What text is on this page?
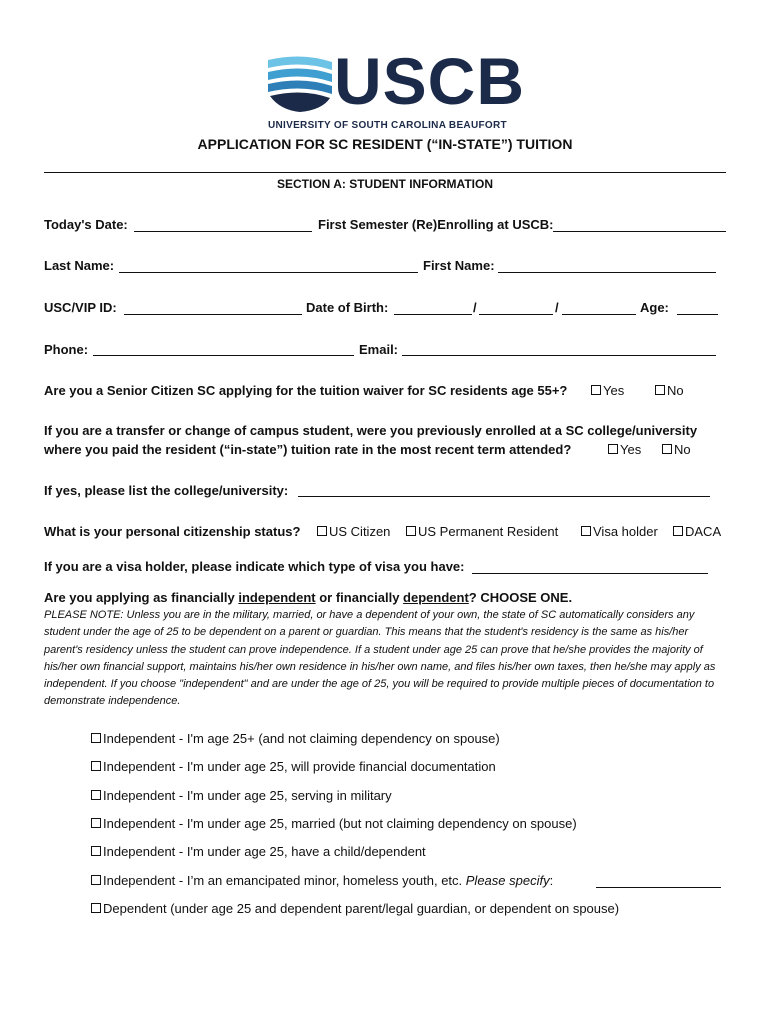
USCB
UNIVERSITY OF SOUTH CAROLINA BEAUFORT
APPLICATION FOR SC RESIDENT (“IN-STATE”) TUITION
SECTION A: STUDENT INFORMATION
Today's Date:	First Semester (Re)Enrolling at USCB:
Last Name:	First Name:
USC/VIP ID:	Date of Birth:	/	/	Age:
Phone:	Email:
Are you a Senior Citizen SC applying for the tuition waiver for SC residents age 55+?	Yes	No
If you are a transfer or change of campus student, were you previously enrolled at a SC college/university
where you paid the resident (“in-state”) tuition rate in the most recent term attended?	Yes	No
If yes, please list the college/university:
What is your personal citizenship status?	US Citizen	US Permanent Resident	Visa holder	DACA
If you are a visa holder, please indicate which type of visa you have:
Are you applying as financially independent or financially dependent? CHOOSE ONE.
PLEASE NOTE: Unless you are in the military, married, or have a dependent of your own, the state of SC automatically considers any student under the age of 25 to be dependent on a parent or guardian. This means that the student's residency is the same as his/her parent's residency unless the student can prove independence. If a student under age 25 can prove that he/she provides the majority of his/her own financial support, maintains his/her own residence in his/her own name, and files his/her own taxes, then he/she may apply as independent. If you choose "independent" and are under the age of 25, you will be required to provide multiple pieces of documentation to demonstrate independence.
Independent - I'm age 25+ (and not claiming dependency on spouse)
Independent - I'm under age 25, will provide financial documentation
Independent - I'm under age 25, serving in military
Independent - I'm under age 25, married (but not claiming dependency on spouse)
Independent - I'm under age 25, have a child/dependent
Independent - I’m an emancipated minor, homeless youth, etc. Please specify:
Dependent (under age 25 and dependent parent/legal guardian, or dependent on spouse)
